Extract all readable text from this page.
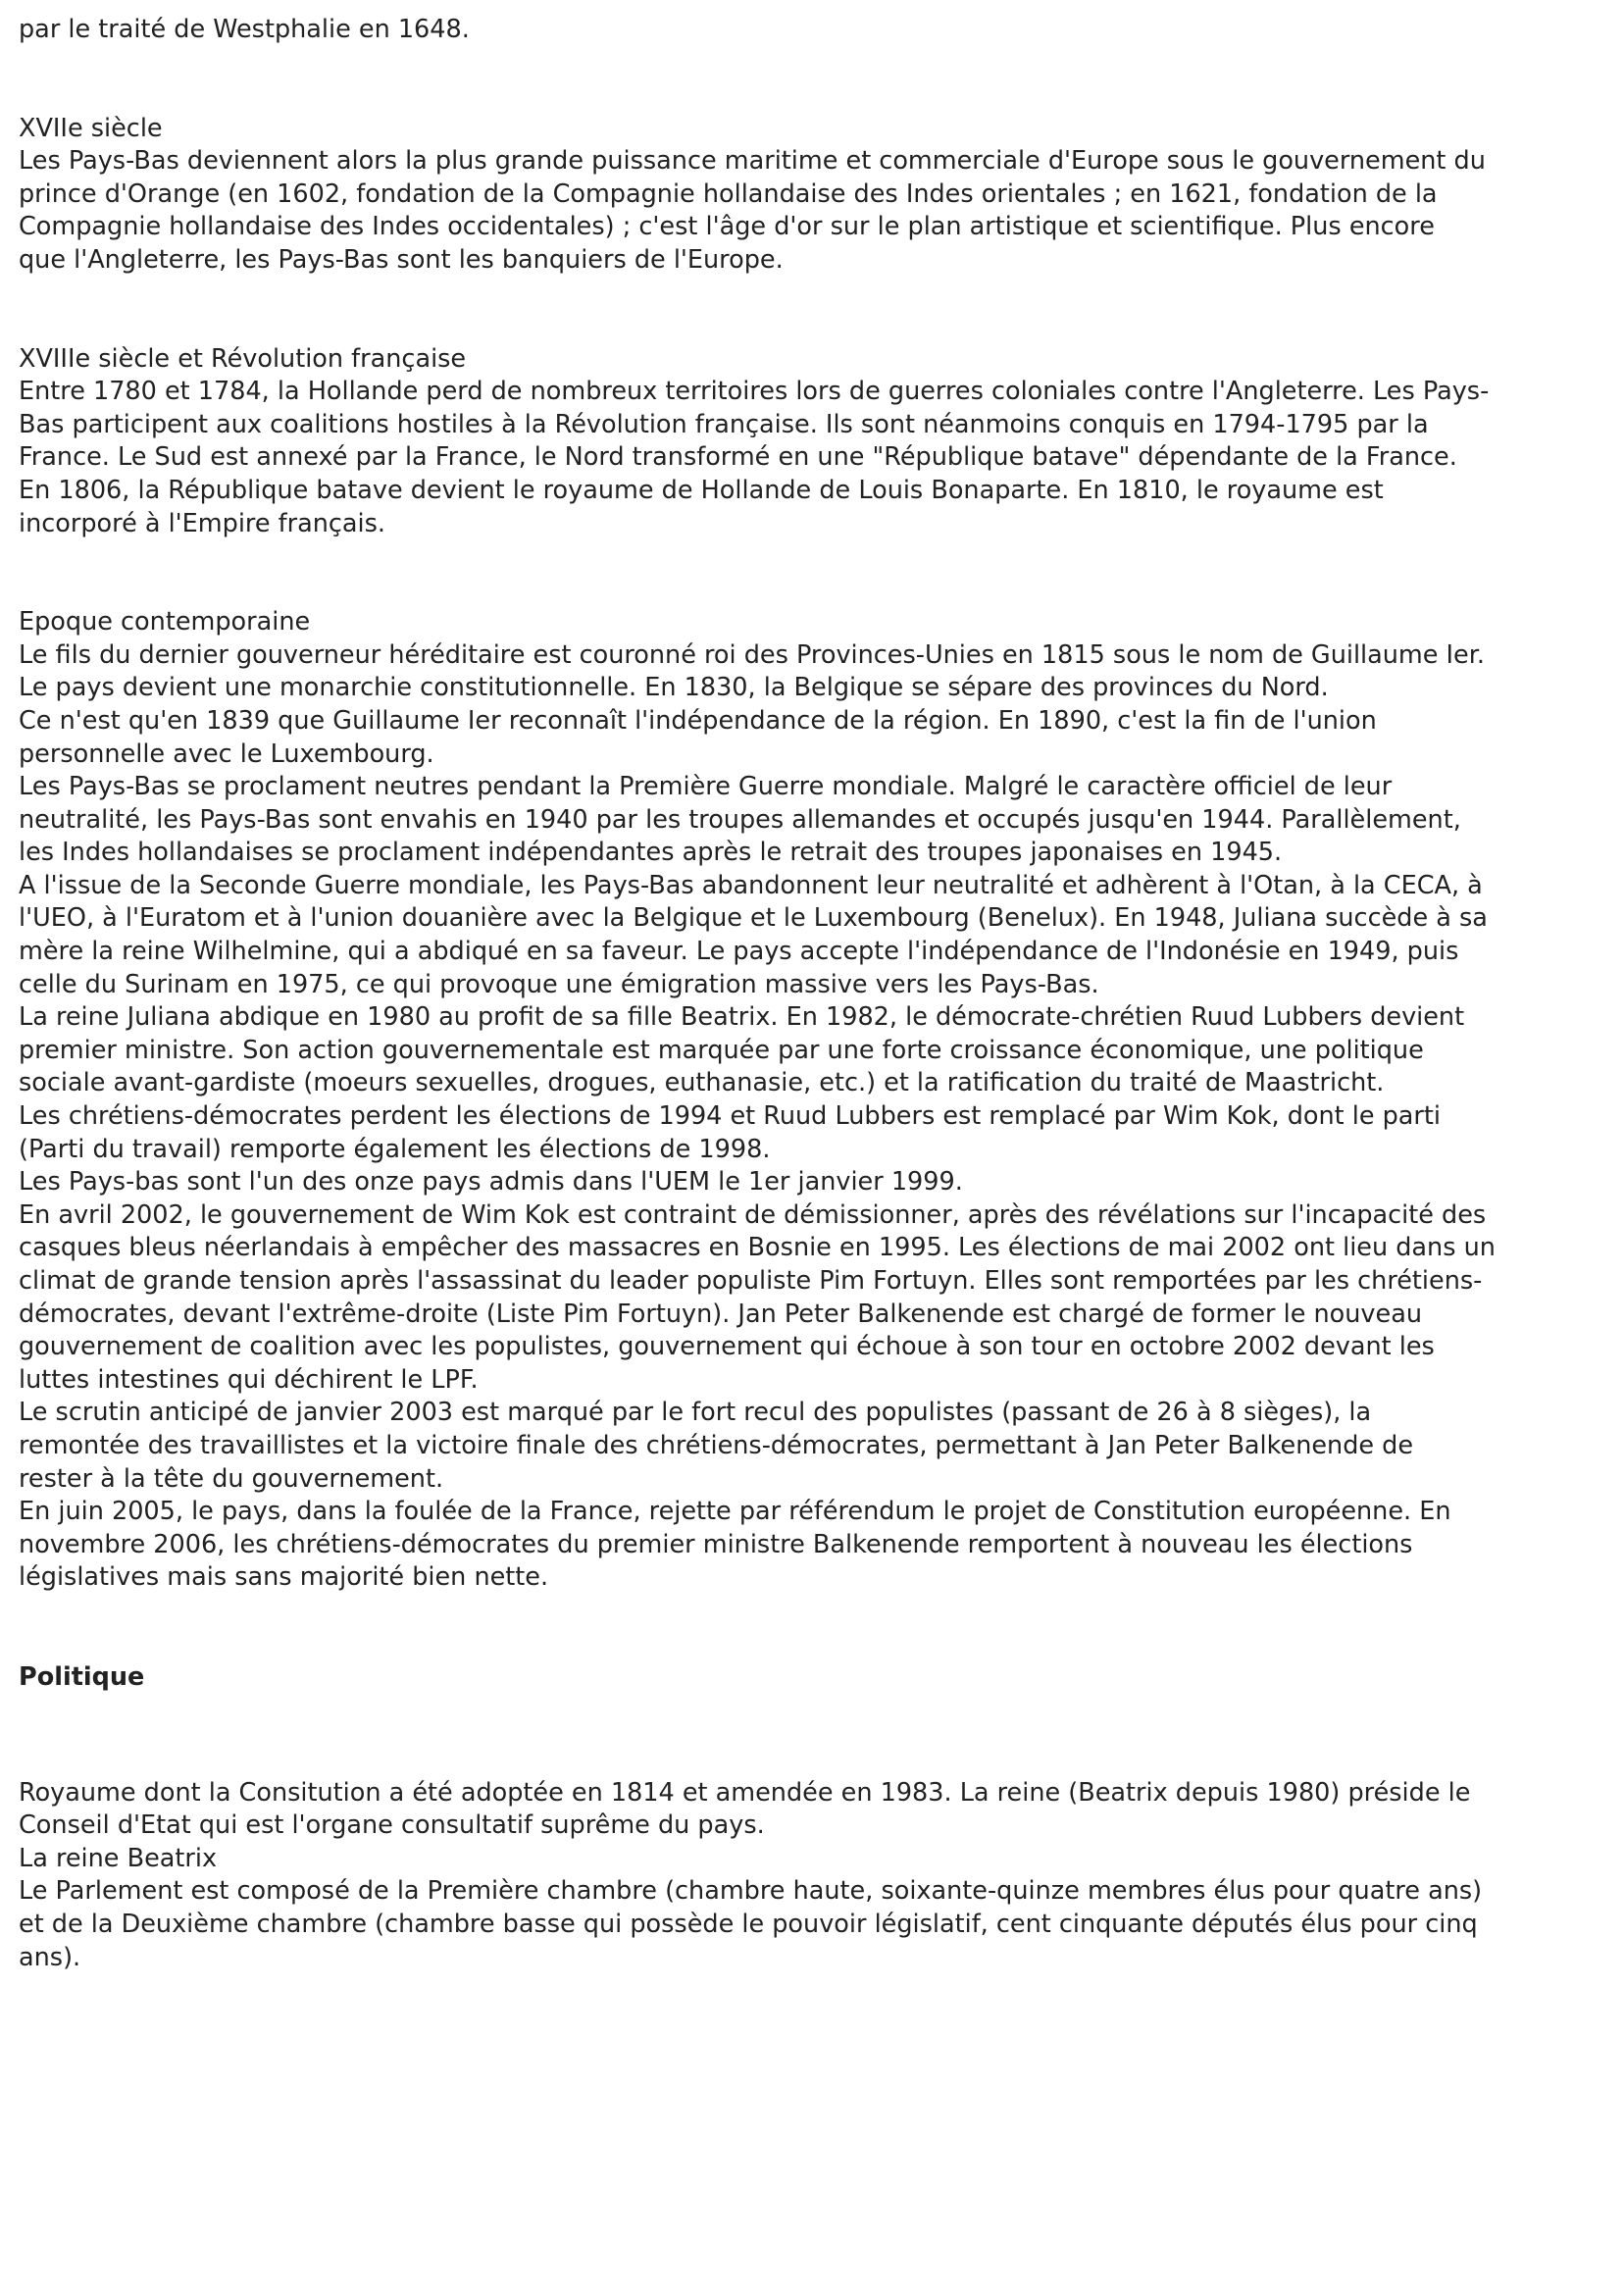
par le traité de Westphalie en 1648.
XVIIe siècle
Les Pays-Bas deviennent alors la plus grande puissance maritime et commerciale d'Europe sous le gouvernement du
prince d'Orange (en 1602, fondation de la Compagnie hollandaise des Indes orientales ; en 1621, fondation de la
Compagnie hollandaise des Indes occidentales) ; c'est l'âge d'or sur le plan artistique et scientifique. Plus encore
que l'Angleterre, les Pays-Bas sont les banquiers de l'Europe.
XVIIIe siècle et Révolution française
Entre 1780 et 1784, la Hollande perd de nombreux territoires lors de guerres coloniales contre l'Angleterre. Les Pays-
Bas participent aux coalitions hostiles à la Révolution française. Ils sont néanmoins conquis en 1794-1795 par la
France. Le Sud est annexé par la France, le Nord transformé en une "République batave" dépendante de la France.
En 1806, la République batave devient le royaume de Hollande de Louis Bonaparte. En 1810, le royaume est
incorporé à l'Empire français.
Epoque contemporaine
Le fils du dernier gouverneur héréditaire est couronné roi des Provinces-Unies en 1815 sous le nom de Guillaume Ier.
Le pays devient une monarchie constitutionnelle. En 1830, la Belgique se sépare des provinces du Nord.
Ce n'est qu'en 1839 que Guillaume Ier reconnaît l'indépendance de la région. En 1890, c'est la fin de l'union
personnelle avec le Luxembourg.
Les Pays-Bas se proclament neutres pendant la Première Guerre mondiale. Malgré le caractère officiel de leur
neutralité, les Pays-Bas sont envahis en 1940 par les troupes allemandes et occupés jusqu'en 1944. Parallèlement,
les Indes hollandaises se proclament indépendantes après le retrait des troupes japonaises en 1945.
A l'issue de la Seconde Guerre mondiale, les Pays-Bas abandonnent leur neutralité et adhèrent à l'Otan, à la CECA, à
l'UEO, à l'Euratom et à l'union douanière avec la Belgique et le Luxembourg (Benelux). En 1948, Juliana succède à sa
mère la reine Wilhelmine, qui a abdiqué en sa faveur. Le pays accepte l'indépendance de l'Indonésie en 1949, puis
celle du Surinam en 1975, ce qui provoque une émigration massive vers les Pays-Bas.
La reine Juliana abdique en 1980 au profit de sa fille Beatrix. En 1982, le démocrate-chrétien Ruud Lubbers devient
premier ministre. Son action gouvernementale est marquée par une forte croissance économique, une politique
sociale avant-gardiste (moeurs sexuelles, drogues, euthanasie, etc.) et la ratification du traité de Maastricht.
Les chrétiens-démocrates perdent les élections de 1994 et Ruud Lubbers est remplacé par Wim Kok, dont le parti
(Parti du travail) remporte également les élections de 1998.
Les Pays-bas sont l'un des onze pays admis dans l'UEM le 1er janvier 1999.
En avril 2002, le gouvernement de Wim Kok est contraint de démissionner, après des révélations sur l'incapacité des
casques bleus néerlandais à empêcher des massacres en Bosnie en 1995. Les élections de mai 2002 ont lieu dans un
climat de grande tension après l'assassinat du leader populiste Pim Fortuyn. Elles sont remportées par les chrétiens-
démocrates, devant l'extrême-droite (Liste Pim Fortuyn). Jan Peter Balkenende est chargé de former le nouveau
gouvernement de coalition avec les populistes, gouvernement qui échoue à son tour en octobre 2002 devant les
luttes intestines qui déchirent le LPF.
Le scrutin anticipé de janvier 2003 est marqué par le fort recul des populistes (passant de 26 à 8 sièges), la
remontée des travaillistes et la victoire finale des chrétiens-démocrates, permettant à Jan Peter Balkenende de
rester à la tête du gouvernement.
En juin 2005, le pays, dans la foulée de la France, rejette par référendum le projet de Constitution européenne. En
novembre 2006, les chrétiens-démocrates du premier ministre Balkenende remportent à nouveau les élections
législatives mais sans majorité bien nette.
Politique
Royaume dont la Consitution a été adoptée en 1814 et amendée en 1983. La reine (Beatrix depuis 1980) préside le
Conseil d'Etat qui est l'organe consultatif suprême du pays.
La reine Beatrix
Le Parlement est composé de la Première chambre (chambre haute, soixante-quinze membres élus pour quatre ans)
et de la Deuxième chambre (chambre basse qui possède le pouvoir législatif, cent cinquante députés élus pour cinq
ans).
